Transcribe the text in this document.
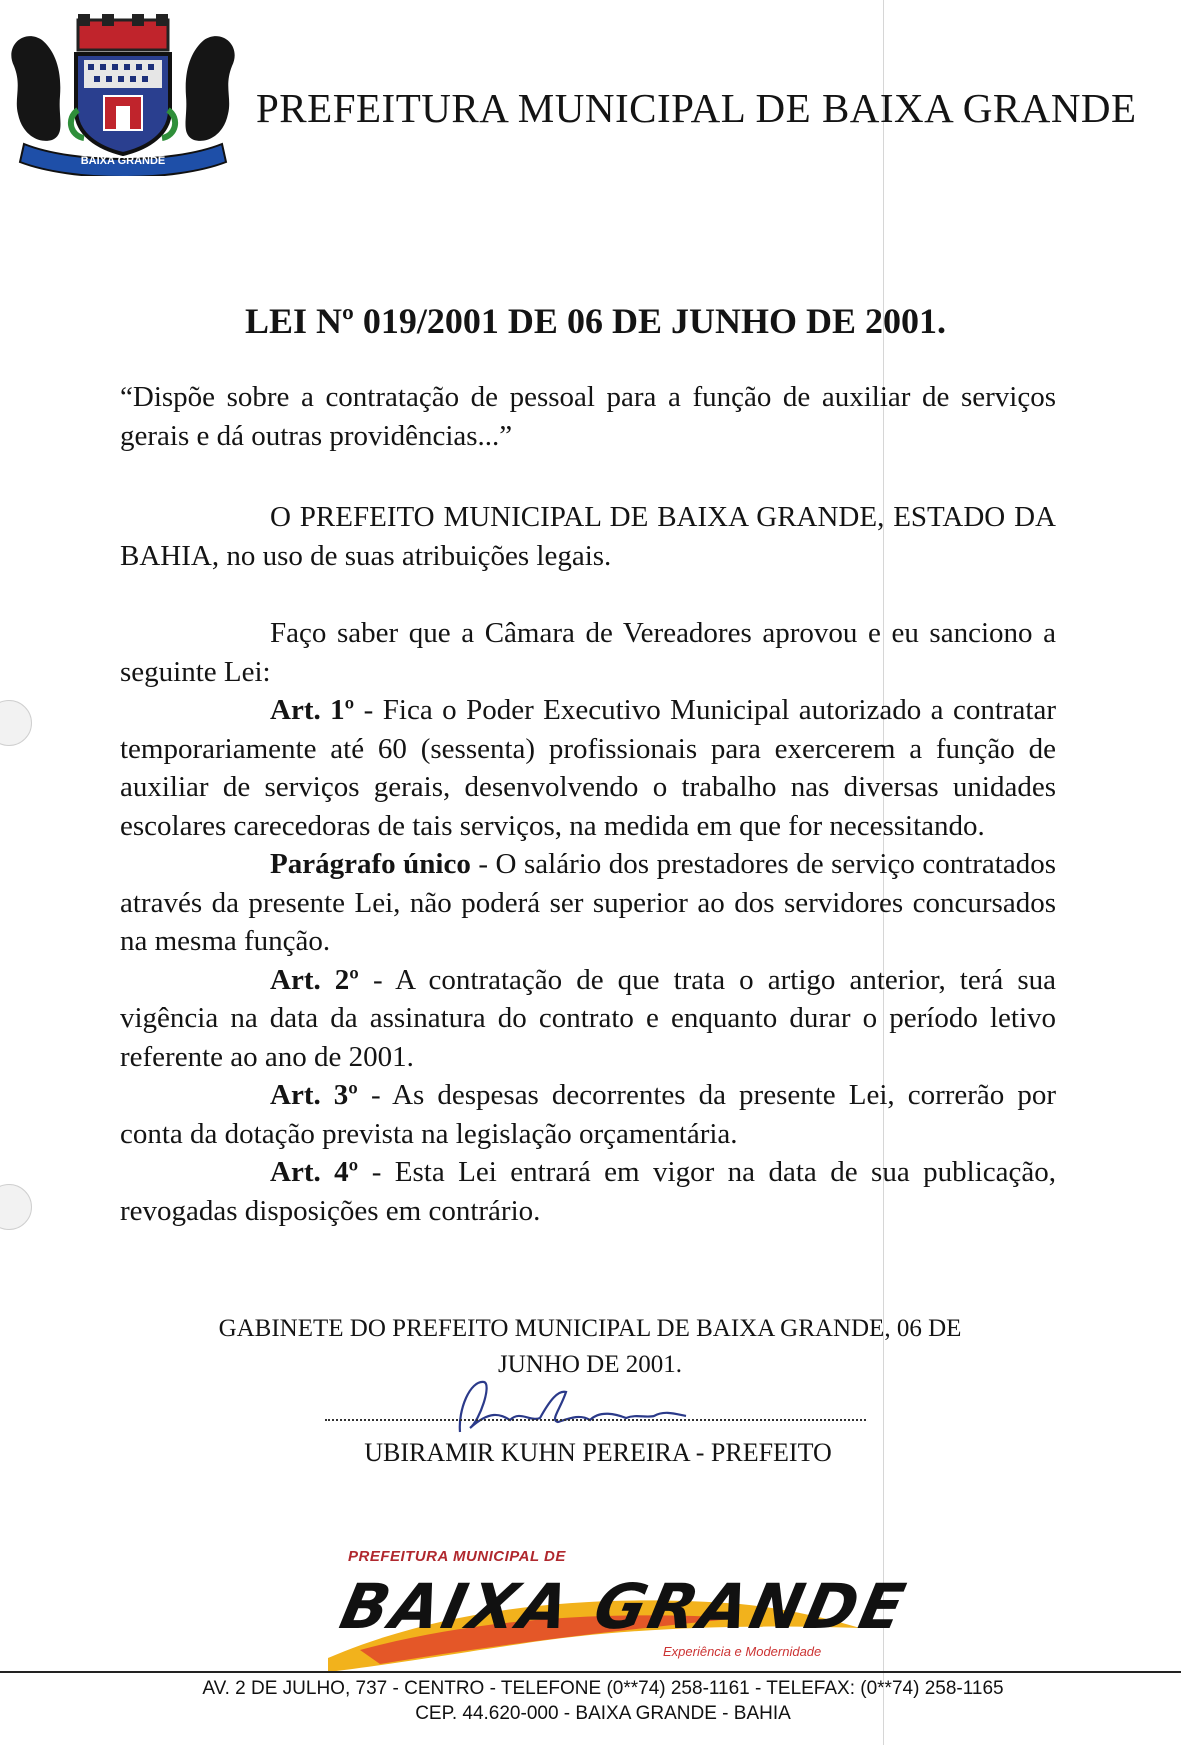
BAIXA GRANDE
PREFEITURA MUNICIPAL DE BAIXA GRANDE
LEI Nº 019/2001 DE 06 DE JUNHO DE 2001.
“Dispõe sobre a contratação de pessoal para a função de auxiliar de serviços gerais e dá outras providências...”
O PREFEITO MUNICIPAL DE BAIXA GRANDE, ESTADO DA BAHIA, no uso de suas atribuições legais.
Faço saber que a Câmara de Vereadores aprovou e eu sanciono a seguinte Lei:
Art. 1º - Fica o Poder Executivo Municipal autorizado a contratar temporariamente até 60 (sessenta) profissionais para exercerem a função de auxiliar de serviços gerais, desenvolvendo o trabalho nas diversas unidades escolares carecedoras de tais serviços, na medida em que for necessitando.
Parágrafo único - O salário dos prestadores de serviço contratados através da presente Lei, não poderá ser superior ao dos servidores concursados na mesma função.
Art. 2º - A contratação de que trata o artigo anterior, terá sua vigência na data da assinatura do contrato e enquanto durar o período letivo referente ao ano de 2001.
Art. 3º - As despesas decorrentes da presente Lei, correrão por conta da dotação prevista na legislação orçamentária.
Art. 4º - Esta Lei entrará em vigor na data de sua publicação, revogadas disposições em contrário.
GABINETE DO PREFEITO MUNICIPAL DE BAIXA GRANDE, 06 DE
JUNHO DE 2001.
UBIRAMIR KUHN PEREIRA - PREFEITO
PREFEITURA MUNICIPAL DE
BAIXA GRANDE
Experiência e Modernidade
AV. 2 DE JULHO, 737 - CENTRO - TELEFONE (0**74) 258-1161 - TELEFAX: (0**74) 258-1165
CEP. 44.620-000 - BAIXA GRANDE - BAHIA
